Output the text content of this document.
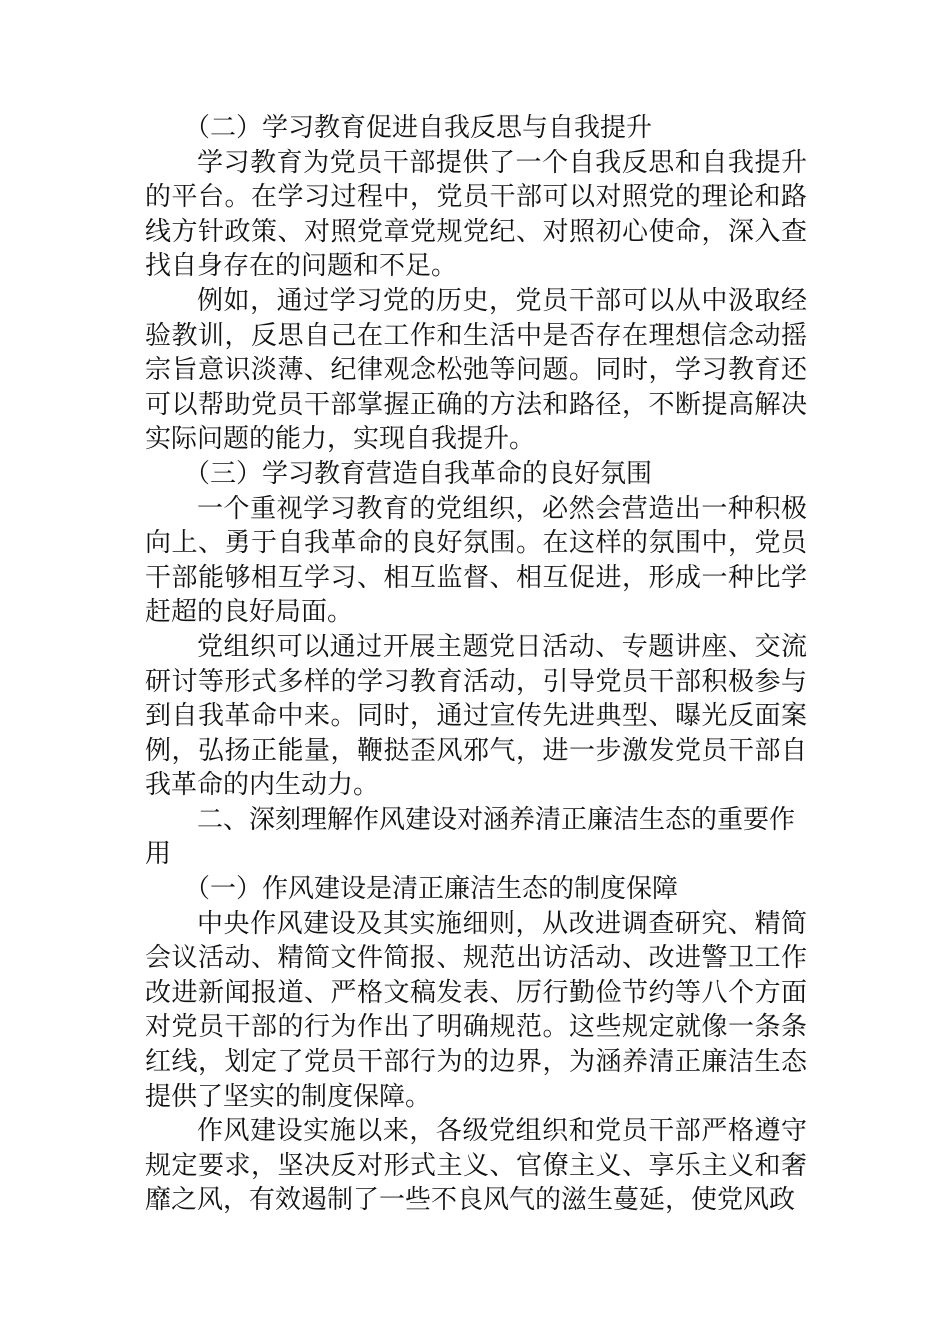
（二）学习教育促进自我反思与自我提升

学习教育为党员干部提供了一个自我反思和自我提升的平台。在学习过程中，党员干部可以对照党的理论和路线方针政策、对照党章党规党纪、对照初心使命，深入查找自身存在的问题和不足。

例如，通过学习党的历史，党员干部可以从中汲取经验教训，反思自己在工作和生活中是否存在理想信念动摇宗旨意识淡薄、纪律观念松弛等问题。同时，学习教育还可以帮助党员干部掌握正确的方法和路径，不断提高解决实际问题的能力，实现自我提升。

（三）学习教育营造自我革命的良好氛围

一个重视学习教育的党组织，必然会营造出一种积极向上、勇于自我革命的良好氛围。在这样的氛围中，党员干部能够相互学习、相互监督、相互促进，形成一种比学赶超的良好局面。

党组织可以通过开展主题党日活动、专题讲座、交流研讨等形式多样的学习教育活动，引导党员干部积极参与到自我革命中来。同时，通过宣传先进典型、曝光反面案例，弘扬正能量，鞭挞歪风邪气，进一步激发党员干部自我革命的内生动力。

二、深刻理解作风建设对涵养清正廉洁生态的重要作用

（一）作风建设是清正廉洁生态的制度保障

中央作风建设及其实施细则，从改进调查研究、精简会议活动、精简文件简报、规范出访活动、改进警卫工作改进新闻报道、严格文稿发表、厉行勤俭节约等八个方面对党员干部的行为作出了明确规范。这些规定就像一条条红线，划定了党员干部行为的边界，为涵养清正廉洁生态提供了坚实的制度保障。

作风建设实施以来，各级党组织和党员干部严格遵守规定要求，坚决反对形式主义、官僚主义、享乐主义和奢靡之风，有效遏制了一些不良风气的滋生蔓延，使党风政
